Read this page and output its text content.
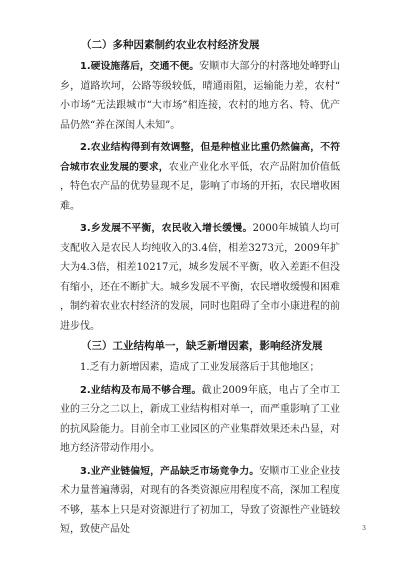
（二）多种因素制约农业农村经济发展

1.硬设施落后，交通不便。安顺市大部分的村落地处峰野山乡，道路坎坷，公路等级较低，晴通雨阻，运输能力差，农村“小市场”无法跟城市“大市场”相连接，农村的地方名、特、优产品仍然“养在深闺人未知”。

2.农业结构得到有效调整，但是种植业比重仍然偏高，不符合城市农业发展的要求，农业产业化水平低，农产品附加价值低，特色农产品的优势显现不足，影响了市场的开拓，农民增收困难。

3.乡发展不平衡，农民收入增长缓慢。2000年城镇人均可支配收入是农民人均纯收入的3.4倍，相差3273元，2009年扩大为4.3倍，相差10217元，城乡发展不平衡，收入差距不但没有缩小，还在不断扩大。城乡发展不平衡，农民增收缓慢和困难，制约着农业农村经济的发展，同时也阻碍了全市小康进程的前进步伐。

（三）工业结构单一，缺乏新增因素，影响经济发展

1.乏有力新增因素，造成了工业发展落后于其他地区；

2.业结构及布局不够合理。截止2009年底，电占了全市工业的三分之二以上，新成工业结构相对单一，而严重影响了工业的抗风险能力。目前全市工业园区的产业集群效果还未凸显，对地方经济带动作用小。

3.业产业链偏短，产品缺乏市场竞争力。安顺市工业企业技术力量普遍薄弱，对现有的各类资源应用程度不高，深加工程度不够，基本上只是对资源进行了初加工，导致了资源性产业链较短，致使产品处	3
